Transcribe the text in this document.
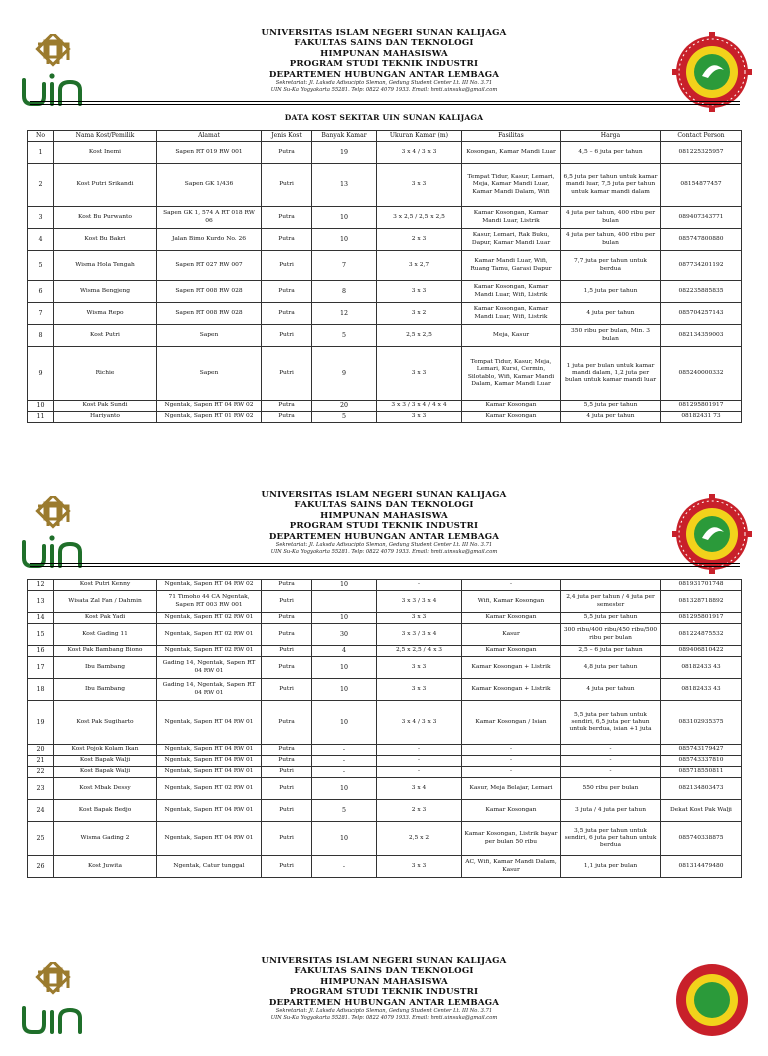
UNIVERSITAS ISLAM NEGERI SUNAN KALIJAGA
FAKULTAS SAINS DAN TEKNOLOGI
HIMPUNAN MAHASISWA
PROGRAM STUDI TEKNIK INDUSTRI
DEPARTEMEN HUBUNGAN ANTAR LEMBAGA
Sekretariat: Jl. Laksda Adisucipto Sleman, Gedung Student Center Lt. III No. 3.71
UIN Su-Ka Yogyakarta 55281. Telp: 0822 4079 1933. Email: hmti.uinsuka@gmail.com
DATA KOST SEKITAR UIN SUNAN KALIJAGA
No	Nama Kost/Pemilik	Alamat	Jenis Kost	Banyak Kamar	Ukuran Kamar (m)	Fasilitas	Harga	Contact Person
1	Kost Inemi	Sapen RT 019 RW 001	Putra	19	3 x 4 / 3 x 3	Kosongan, Kamar Mandi Luar	4,5 – 6 juta per tahun	081225325957
2	Kost Putri Srikandi	Sapen GK 1/436	Putri	13	3 x 3	Tempat Tidur, Kasur, Lemari, Meja, Kamar Mandi Luar, Kamar Mandi Dalam, Wifi	6,5 juta per tahun untuk kamar mandi luar, 7,5 juta per tahun untuk kamar mandi dalam	08154877457
3	Kost Bu Purwanto	Sapen GK 1, 574 A RT 018 RW 06	Putra	10	3 x 2,5 / 2,5 x 2,5	Kamar Kosongan, Kamar Mandi Luar, Listrik	4 juta per tahun, 400 ribu per bulan	089407343771
4	Kost Bu Bakri	Jalan Bimo Kurdo No. 26	Putra	10	2 x 3	Kasur, Lemari, Rak Buku, Dapur, Kamar Mandi Luar	4 juta per tahun, 400 ribu per bulan	085747800880
5	Wisma Hola Tengah	Sapen RT 027 RW 007	Putri	7	3 x 2,7	Kamar Mandi Luar, Wifi, Ruang Tamu, Garasi Dapur	7,7 juta per tahun untuk berdua	087734201192
6	Wisma Bengjeng	Sapen RT 008 RW 028	Putra	8	3 x 3	Kamar Kosongan, Kamar Mandi Luar, Wifi, Listrik	1,5 juta per tahun	082235885835
7	Wisma Repo	Sapen RT 008 RW 028	Putra	12	3 x 2	Kamar Kosongan, Kamar Mandi Luar, Wifi, Listrik	4 juta per tahun	085704257143
8	Kost Putri	Sapen	Putri	5	2,5 x 2,5	Meja, Kasur	350 ribu per bulan, Min. 3 bulan	082134359003
9	Richie	Sapen	Putri	9	3 x 3	Tempat Tidur, Kasur, Meja, Lemari, Kursi, Cermin, Silotablo, Wifi, Kamar Mandi Dalam, Kamar Mandi Luar	1 juta per bulan untuk kamar mandi dalam, 1,2 juta per bulan untuk kamar mandi luar	085240000332
10	Kost Pak Sundi	Ngentak, Sapen RT 04 RW 02	Putra	20	3 x 3 / 3 x 4 / 4 x 4	Kamar Kosongan	5,5 juta per tahun	081295801917
11	Hariyanto	Ngentak, Sapen RT 01 RW 02	Putra	5	3 x 3	Kamar Kosongan	4 juta per tahun	08182431 73
UNIVERSITAS ISLAM NEGERI SUNAN KALIJAGA
FAKULTAS SAINS DAN TEKNOLOGI
HIMPUNAN MAHASISWA
PROGRAM STUDI TEKNIK INDUSTRI
DEPARTEMEN HUBUNGAN ANTAR LEMBAGA
Sekretariat: Jl. Laksda Adisucipto Sleman, Gedung Student Center Lt. III No. 3.71
UIN Su-Ka Yogyakarta 55281. Telp: 0822 4079 1933. Email: hmti.uinsuka@gmail.com
12	Kost Putri Kenny	Ngentak, Sapen RT 04 RW 02	Putra	10	-	-		081931701748
13	Wisata Zal Fan / Dahmin	71 Timoho 44 CA Ngentak, Sapen RT 003 RW 001	Putri		3 x 3 / 3 x 4	Wifi, Kamar Kosongan	2,4 juta per tahun / 4 juta per semester	081328718892
14	Kost Pak Yadi	Ngentak, Sapen RT 02 RW 01	Putra	10	3 x 3	Kamar Kosongan	5,5 juta per tahun	081295801917
15	Kost Gading 11	Ngentak, Sapen RT 02 RW 01	Putra	30	3 x 3 / 3 x 4	Kasur	300 ribu/400 ribu/450 ribu/500 ribu per bulan	081224875532
16	Kost Pak Bambang Biono	Ngentak, Sapen RT 02 RW 01	Putri	4	2,5 x 2,5 / 4 x 3	Kamar Kosongan	2,5 – 6 juta per tahun	089406810422
17	Ibu Bambang	Gading 14, Ngentak, Sapen RT 04 RW 01	Putra	10	3 x 3	Kamar Kosongan + Listrik	4,8 juta per tahun	08182433 43
18	Ibu Bambang	Gading 14, Ngentak, Sapen RT 04 RW 01	Putri	10	3 x 3	Kamar Kosongan + Listrik	4 juta per tahun	08182433 43
19	Kost Pak Sugiharto	Ngentak, Sapen RT 04 RW 01	Putra	10	3 x 4 / 3 x 3	Kamar Kosongan / Isian	5,5 juta per tahun untuk sendiri, 6,5 juta per tahun untuk berdua, isian +1 juta	083102935375
20	Kost Pojok Kolam Ikan	Ngentak, Sapen RT 04 RW 01	Putra	-	-	-	-	085743179427
21	Kost Bapak Walji	Ngentak, Sapen RT 04 RW 01	Putra	-	-	-	-	085743337810
22	Kost Bapak Walji	Ngentak, Sapen RT 04 RW 01	Putri	-	-	-	-	085718550811
23	Kost Mbak Dessy	Ngentak, Sapen RT 02 RW 01	Putri	10	3 x 4	Kasur, Meja Belajar, Lemari	550 ribu per bulan	082134803473
24	Kost Bapak Bedjo	Ngentak, Sapen RT 04 RW 01	Putri	5	2 x 3	Kamar Kosongan	3 juta / 4 juta per tahun	Dekat Kost Pak Walji
25	Wisma Gading 2	Ngentak, Sapen RT 04 RW 01	Putri	10	2,5 x 2	Kamar Kosongan, Listrik bayar per bulan 50 ribu	3,5 juta per tahun untuk sendiri, 6 juta per tahun untuk berdua	085740338875
26	Kost Juwita	Ngentak, Catur tunggal	Putri	-	3 x 3	AC, Wifi, Kamar Mandi Dalam, Kasur	1,1 juta per bulan	081314479480
UNIVERSITAS ISLAM NEGERI SUNAN KALIJAGA
FAKULTAS SAINS DAN TEKNOLOGI
HIMPUNAN MAHASISWA
PROGRAM STUDI TEKNIK INDUSTRI
DEPARTEMEN HUBUNGAN ANTAR LEMBAGA
Sekretariat: Jl. Laksda Adisucipto Sleman, Gedung Student Center Lt. III No. 3.71
UIN Su-Ka Yogyakarta 55281. Telp: 0822 4079 1933. Email: hmti.uinsuka@gmail.com
